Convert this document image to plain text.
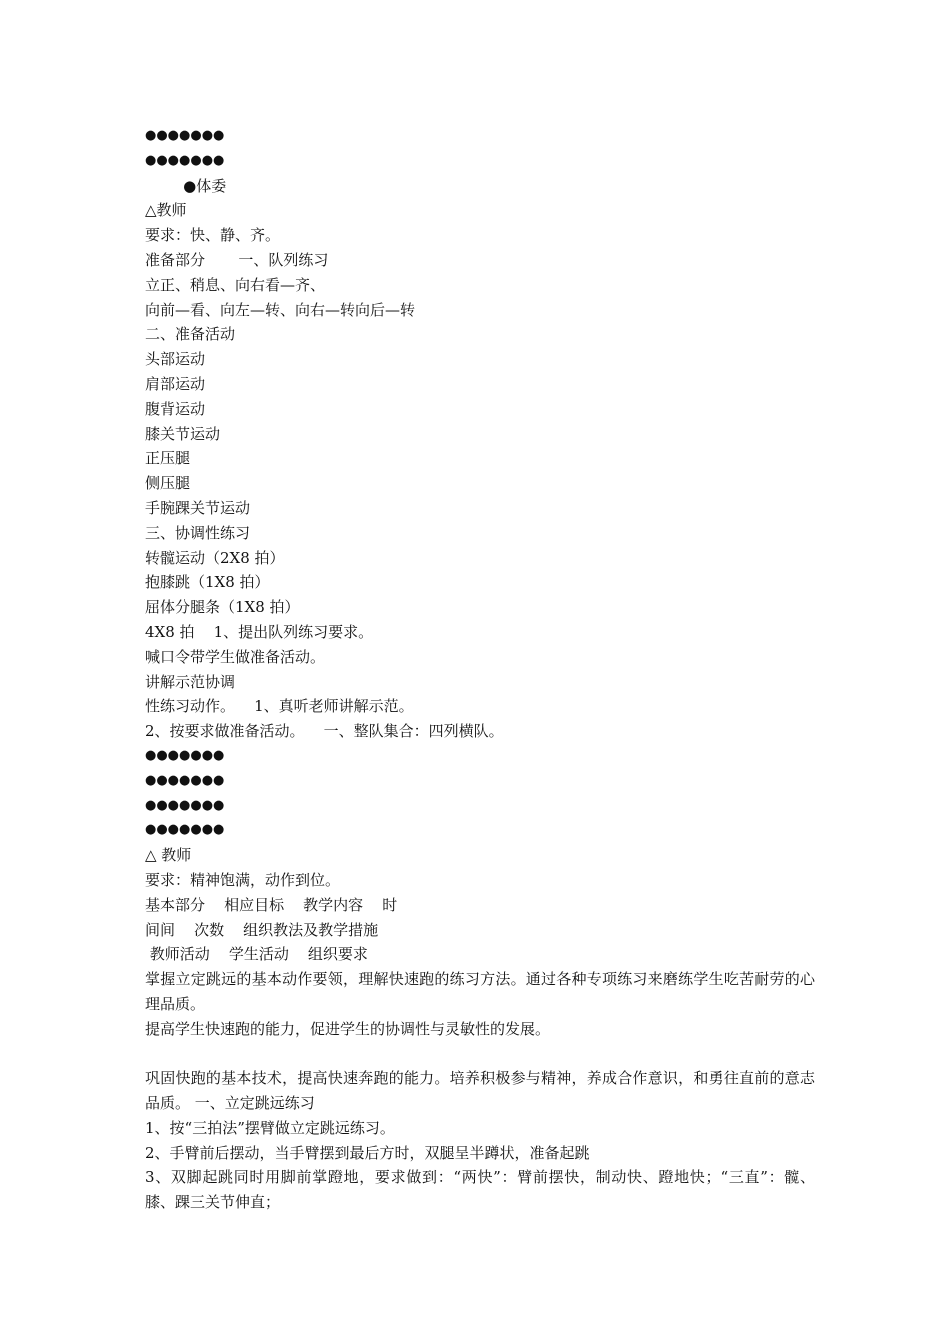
●●●●●●●
●●●●●●●
●体委
△教师
要求：快、静、齐。
准备部分       一、队列练习
立正、稍息、向右看—齐、
向前—看、向左—转、向右—转向后—转
二、准备活动
头部运动
肩部运动
腹背运动
膝关节运动
正压腿
侧压腿
手腕踝关节运动
三、协调性练习
转髋运动（2X8 拍）
抱膝跳（1X8 拍）
屈体分腿条（1X8 拍）
4X8 拍    1、提出队列练习要求。
喊口令带学生做准备活动。
讲解示范协调
性练习动作。    1、真听老师讲解示范。
2、按要求做准备活动。    一、整队集合：四列横队。
●●●●●●●
●●●●●●●
●●●●●●●
●●●●●●●
△ 教师
要求：精神饱满，动作到位。
基本部分    相应目标    教学内容    时
间间    次数    组织教法及教学措施
教师活动    学生活动    组织要求
掌握立定跳远的基本动作要领，理解快速跑的练习方法。通过各种专项练习来磨练学生吃苦耐劳的心理品质。
提高学生快速跑的能力，促进学生的协调性与灵敏性的发展。
巩固快跑的基本技术，提高快速奔跑的能力。培养积极参与精神，养成合作意识，和勇往直前的意志品质。 一、立定跳远练习
1、按“三拍法”摆臂做立定跳远练习。
2、手臂前后摆动，当手臂摆到最后方时，双腿呈半蹲状，准备起跳
3、双脚起跳同时用脚前掌蹬地，要求做到：“两快”：臂前摆快，制动快、蹬地快；“三直”：髋、膝、踝三关节伸直；
